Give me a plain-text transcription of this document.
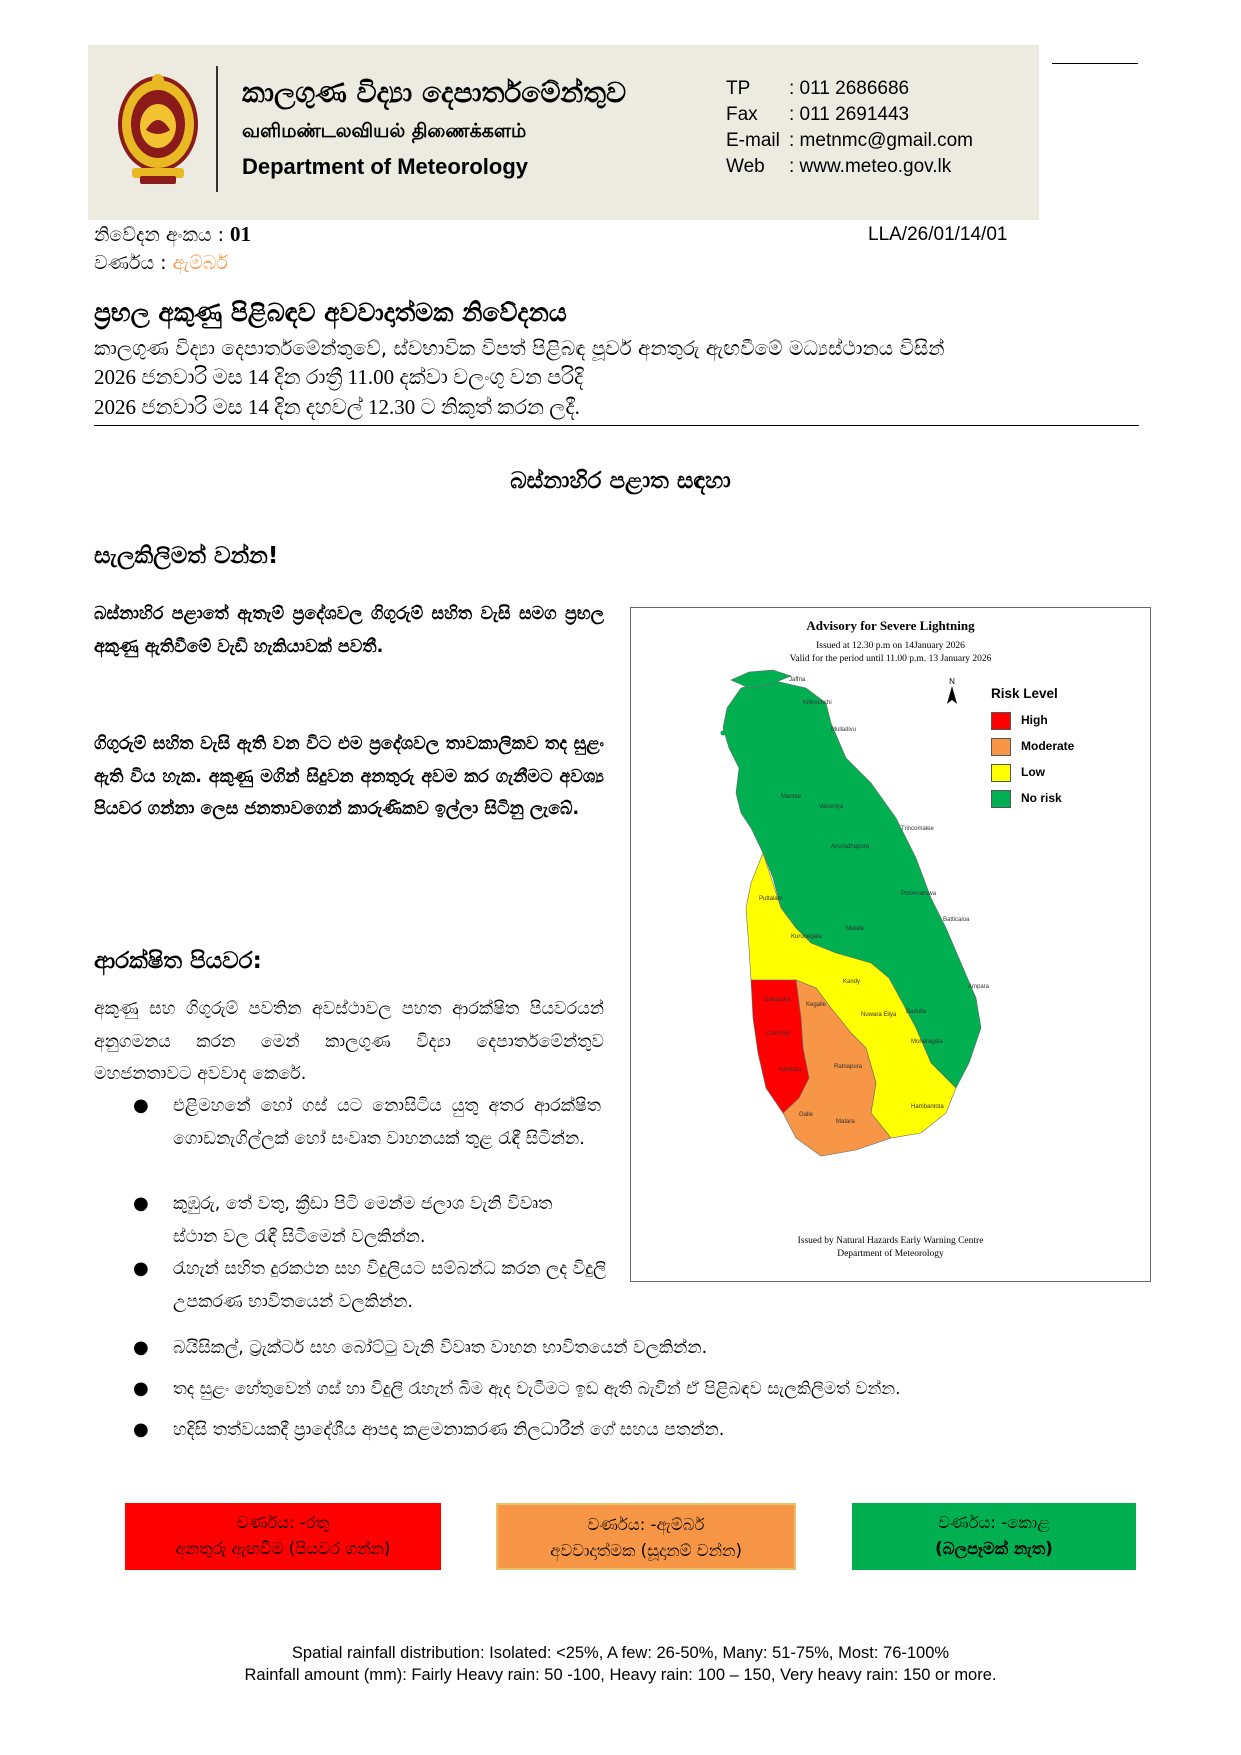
කාලගුණ විද්‍යා දෙපාර්තමේන්තුව
வளிமண்டலவியல் திணைக்களம்
Department of Meteorology
TP : 011 2686686
Fax : 011 2691443
E-mail : metnmc@gmail.com
Web : www.meteo.gov.lk
නිවේදන අංකය : 01	LLA/26/01/14/01
වර්ණය : ඇම්බර්
ප්‍රභල අකුණු පිළිබඳව අවවාදාත්මක නිවේදනය
කාලගුණ විද්‍යා දෙපාර්තමේන්තුවේ, ස්වභාවික විපත් පිළිබඳ පූර්ව අනතුරු ඇඟවීමේ මධ්‍යස්ථානය විසින්
2026 ජනවාරි මස 14 දින රාත්‍රී 11.00 දක්වා වලංගු වන පරිදි
2026 ජනවාරි මස 14 දින දහවල් 12.30 ට නිකුත් කරන ලදී.
බස්නාහිර පළාත සඳහා
සැලකිලිමත් වන්න!
බස්නාහිර පළාතේ ඇතැම් ප්‍රදේශවල ගිගුරුම් සහිත වැසි සමග ප්‍රභල අකුණු ඇතිවීමේ වැඩි හැකියාවක් පවතී.
ගිගුරුම් සහිත වැසි ඇති වන විට එම ප්‍රදේශවල තාවකාලිකව තද සුළං ඇති විය හැක. අකුණු මගින් සිදුවන අනතුරු අවම කර ගැනීමට අවශ්‍ය පියවර ගන්නා ලෙස ජනතාවගෙන් කාරුණිකව ඉල්ලා සිටිනු ලැබේ.
ආරක්ෂිත පියවර:
අකුණු සහ ගිගුරුම් පවතින අවස්ථාවල පහත ආරක්ෂිත පියවරයන් අනුගමනය කරන මෙන් කාලගුණ විද්‍යා දෙපාර්තමේන්තුව මහජනතාවට අවවාද කෙරේ.
● එළිමහනේ හෝ ගස් යට නොසිටිය යුතු අතර ආරක්ෂිත ගොඩනැගිල්ලක් හෝ සංවෘත වාහනයක් තුළ රැඳී සිටින්න.
● කුඹුරු, තේ වතු, ක්‍රීඩා පිටි මෙන්ම ජලාශ වැනි විවෘත ස්ථාන වල රැඳී සිටීමෙන් වලකින්න.
● රැහැන් සහිත දුරකථන සහ විදුලියට සම්බන්ධ කරන ලද විදුලි උපකරණ භාවිතයෙන් වලකින්න.
● බයිසිකල්, ට්‍රැක්ටර් සහ බෝට්ටු වැනි විවෘත වාහන භාවිතයෙන් වලකින්න.
● තද සුළං හේතුවෙන් ගස් හා විදුලි රැහැන් බිම ඇද වැටීමට ඉඩ ඇති බැවින් ඒ පිළිබඳව සැලකිලිමත් වන්න.
● හදිසි තත්වයකදී ප්‍රාදේශීය ආපදා කළමනාකරණ නිලධාරීන් ගේ සහය පතන්න.
Advisory for Severe Lightning
Issued at 12.30 p.m on 14January 2026
Valid for the period until 11.00 p.m. 13 January 2026
N
Jaffna
Kilinochchi
Mullaitivu
Mannar
Vavuniya
Trincomalee
Anuradhapura
Puttalam
Polonnaruwa
Batticaloa
Kurunegala
Matale
Ampara
Kandy
Gampaha
Kegalle
Nuwara Eliya Badulla
Colombo
Monaragala
Kalutara	Ratnapura
Hambantota
Galle
Matara
Risk Level
High
Moderate
Low
No risk
Issued by Natural Hazards Early Warning Centre
Department of Meteorology
වර්ණය: -රතු
අනතුරු ඇඟවීම (පියවර ගන්න)
වර්ණය: -ඇම්බර්
අවවාදාත්මක (සූදානම් වන්න)
වර්ණය: -කොළ
(බලපෑමක් නැත)
Spatial rainfall distribution: Isolated: <25%, A few: 26-50%, Many: 51-75%, Most: 76-100%
Rainfall amount (mm): Fairly Heavy rain: 50 -100, Heavy rain: 100 – 150, Very heavy rain: 150 or more.
